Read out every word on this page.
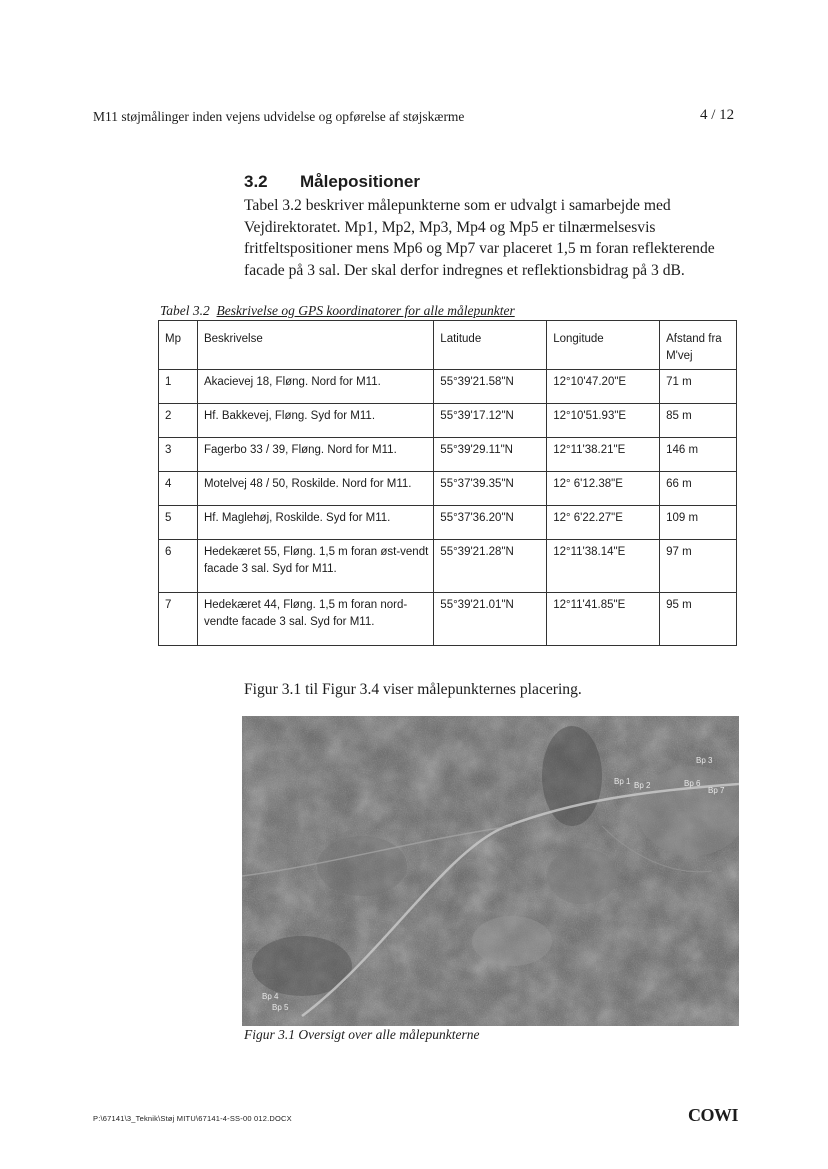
M11 støjmålinger inden vejens udvidelse og opførelse af støjskærme	4 / 12
3.2 Målepositioner
Tabel 3.2 beskriver målepunkterne som er udvalgt i samarbejde med Vejdirektoratet. Mp1, Mp2, Mp3, Mp4 og Mp5 er tilnærmelsesvis fritfeltspositioner mens Mp6 og Mp7 var placeret 1,5 m foran reflekterende facade på 3 sal. Der skal derfor indregnes et reflektionsbidrag på 3 dB.
Tabel 3.2 Beskrivelse og GPS koordinatorer for alle målepunkter
Mp	Beskrivelse	Latitude	Longitude	Afstand fra M'vej
1	Akacievej 18, Fløng. Nord for M11.	55°39'21.58"N	12°10'47.20"E	71 m
2	Hf. Bakkevej, Fløng. Syd for M11.	55°39'17.12"N	12°10'51.93"E	85 m
3	Fagerbo 33 / 39, Fløng. Nord for M11.	55°39'29.11"N	12°11'38.21"E	146 m
4	Motelvej 48 / 50, Roskilde. Nord for M11.	55°37'39.35"N	12° 6'12.38"E	66 m
5	Hf. Maglehøj, Roskilde. Syd for M11.	55°37'36.20"N	12° 6'22.27"E	109 m
6	Hedekæret 55, Fløng. 1,5 m foran øst-vendt facade 3 sal. Syd for M11.	55°39'21.28"N	12°11'38.14"E	97 m
7	Hedekæret 44, Fløng. 1,5 m foran nord-vendte facade 3 sal. Syd for M11.	55°39'21.01"N	12°11'41.85"E	95 m
Figur 3.1 til Figur 3.4 viser målepunkternes placering.
Bp 3
Bp 1 Bp 2	Bp 6
Bp 7
Bp 4
Bp 5
Figur 3.1 Oversigt over alle målepunkterne
P:\67141\3_Teknik\Støj MITU\67141-4-SS-00 012.DOCX	COWI
